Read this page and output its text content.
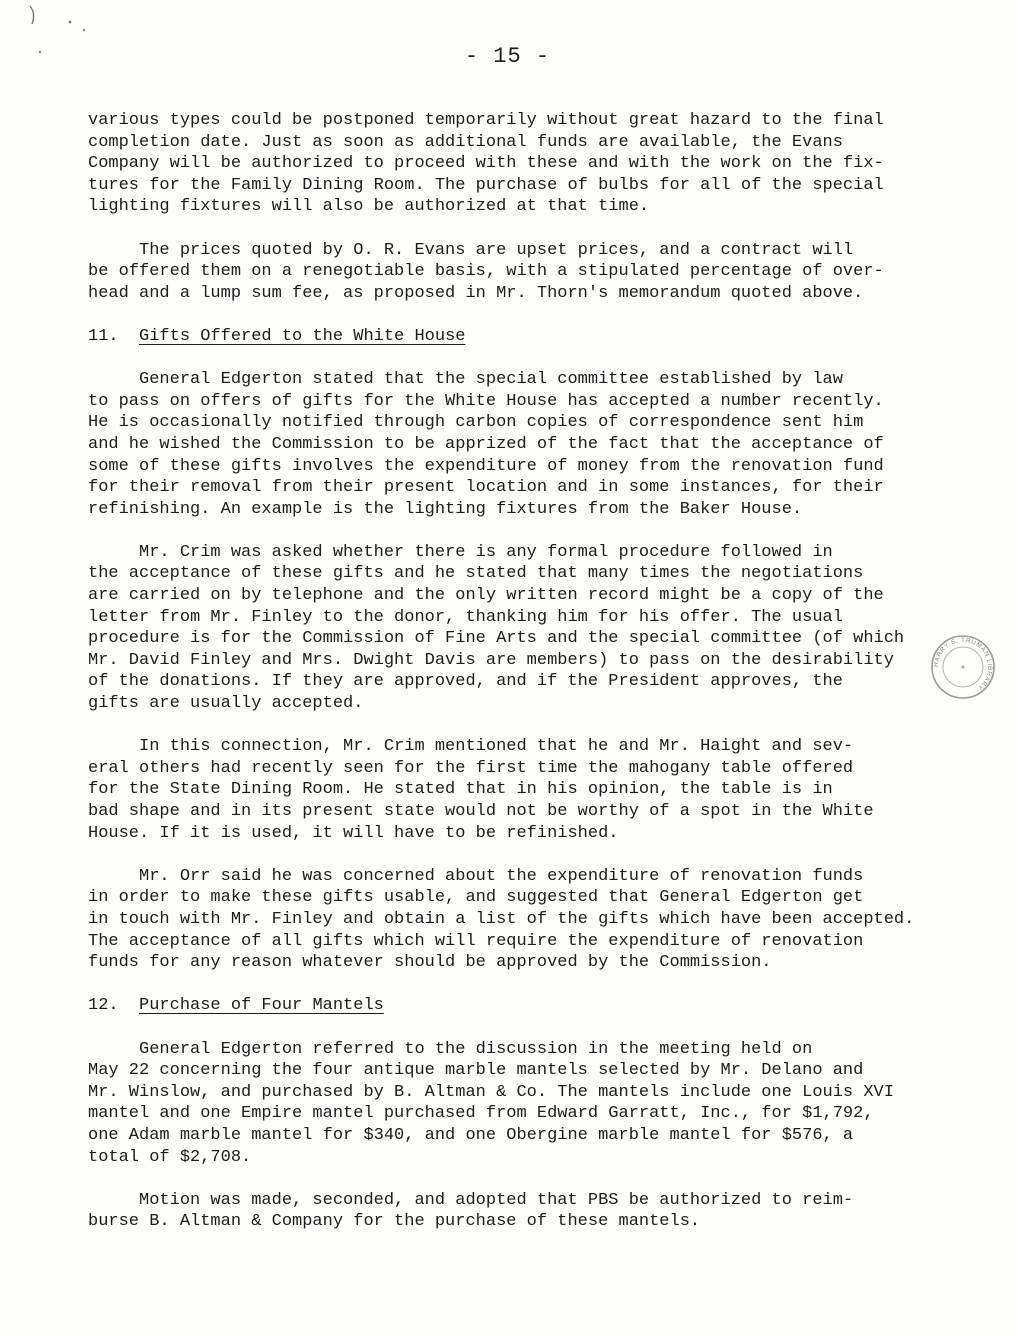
- 15 -
various types could be postponed temporarily without great hazard to the final
completion date. Just as soon as additional funds are available, the Evans
Company will be authorized to proceed with these and with the work on the fix-
tures for the Family Dining Room. The purchase of bulbs for all of the special
lighting fixtures will also be authorized at that time.
The prices quoted by O. R. Evans are upset prices, and a contract will
be offered them on a renegotiable basis, with a stipulated percentage of over-
head and a lump sum fee, as proposed in Mr. Thorn's memorandum quoted above.
11. Gifts Offered to the White House
General Edgerton stated that the special committee established by law
to pass on offers of gifts for the White House has accepted a number recently.
He is occasionally notified through carbon copies of correspondence sent him
and he wished the Commission to be apprized of the fact that the acceptance of
some of these gifts involves the expenditure of money from the renovation fund
for their removal from their present location and in some instances, for their
refinishing. An example is the lighting fixtures from the Baker House.
Mr. Crim was asked whether there is any formal procedure followed in
the acceptance of these gifts and he stated that many times the negotiations
are carried on by telephone and the only written record might be a copy of the
letter from Mr. Finley to the donor, thanking him for his offer. The usual
procedure is for the Commission of Fine Arts and the special committee (of which
Mr. David Finley and Mrs. Dwight Davis are members) to pass on the desirability
of the donations. If they are approved, and if the President approves, the
gifts are usually accepted.
In this connection, Mr. Crim mentioned that he and Mr. Haight and sev-
eral others had recently seen for the first time the mahogany table offered
for the State Dining Room. He stated that in his opinion, the table is in
bad shape and in its present state would not be worthy of a spot in the White
House. If it is used, it will have to be refinished.
Mr. Orr said he was concerned about the expenditure of renovation funds
in order to make these gifts usable, and suggested that General Edgerton get
in touch with Mr. Finley and obtain a list of the gifts which have been accepted.
The acceptance of all gifts which will require the expenditure of renovation
funds for any reason whatever should be approved by the Commission.
12. Purchase of Four Mantels
General Edgerton referred to the discussion in the meeting held on
May 22 concerning the four antique marble mantels selected by Mr. Delano and
Mr. Winslow, and purchased by B. Altman & Co. The mantels include one Louis XVI
mantel and one Empire mantel purchased from Edward Garratt, Inc., for $1,792,
one Adam marble mantel for $340, and one Obergine marble mantel for $576, a
total of $2,708.
Motion was made, seconded, and adopted that PBS be authorized to reim-
burse B. Altman & Company for the purchase of these mantels.
HARRY S. TRUMAN LIBRARY
★
